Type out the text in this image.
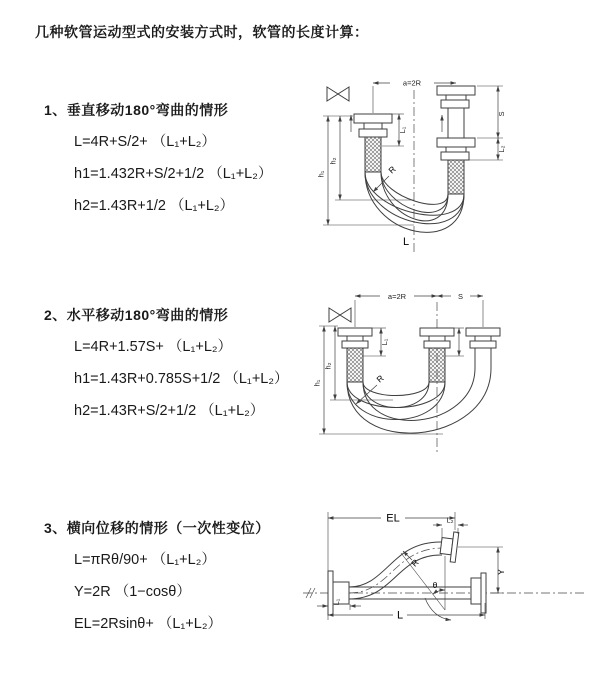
几种软管运动型式的安装方式时，软管的长度计算：
1、垂直移动180°弯曲的情形
L=4R+S/2+ （L₁+L₂）
h1=1.432R+S/2+1/2 （L₁+L₂）
h2=1.43R+1/2 （L₁+L₂）
2、水平移动180°弯曲的情形
L=4R+1.57S+ （L₁+L₂）
h1=1.43R+0.785S+1/2 （L₁+L₂）
h2=1.43R+S/2+1/2 （L₁+L₂）
3、横向位移的情形（一次性变位）
L=πRθ/90+ （L₁+L₂）
Y=2R （1−cosθ）
EL=2Rsinθ+ （L₁+L₂）
a=2R
S
L₂
L₁
h₁
h₂
R
L
a=2R	S
L₁
h₁
h₂
R
θ
R
EL	L₂
Y
L
L₁
